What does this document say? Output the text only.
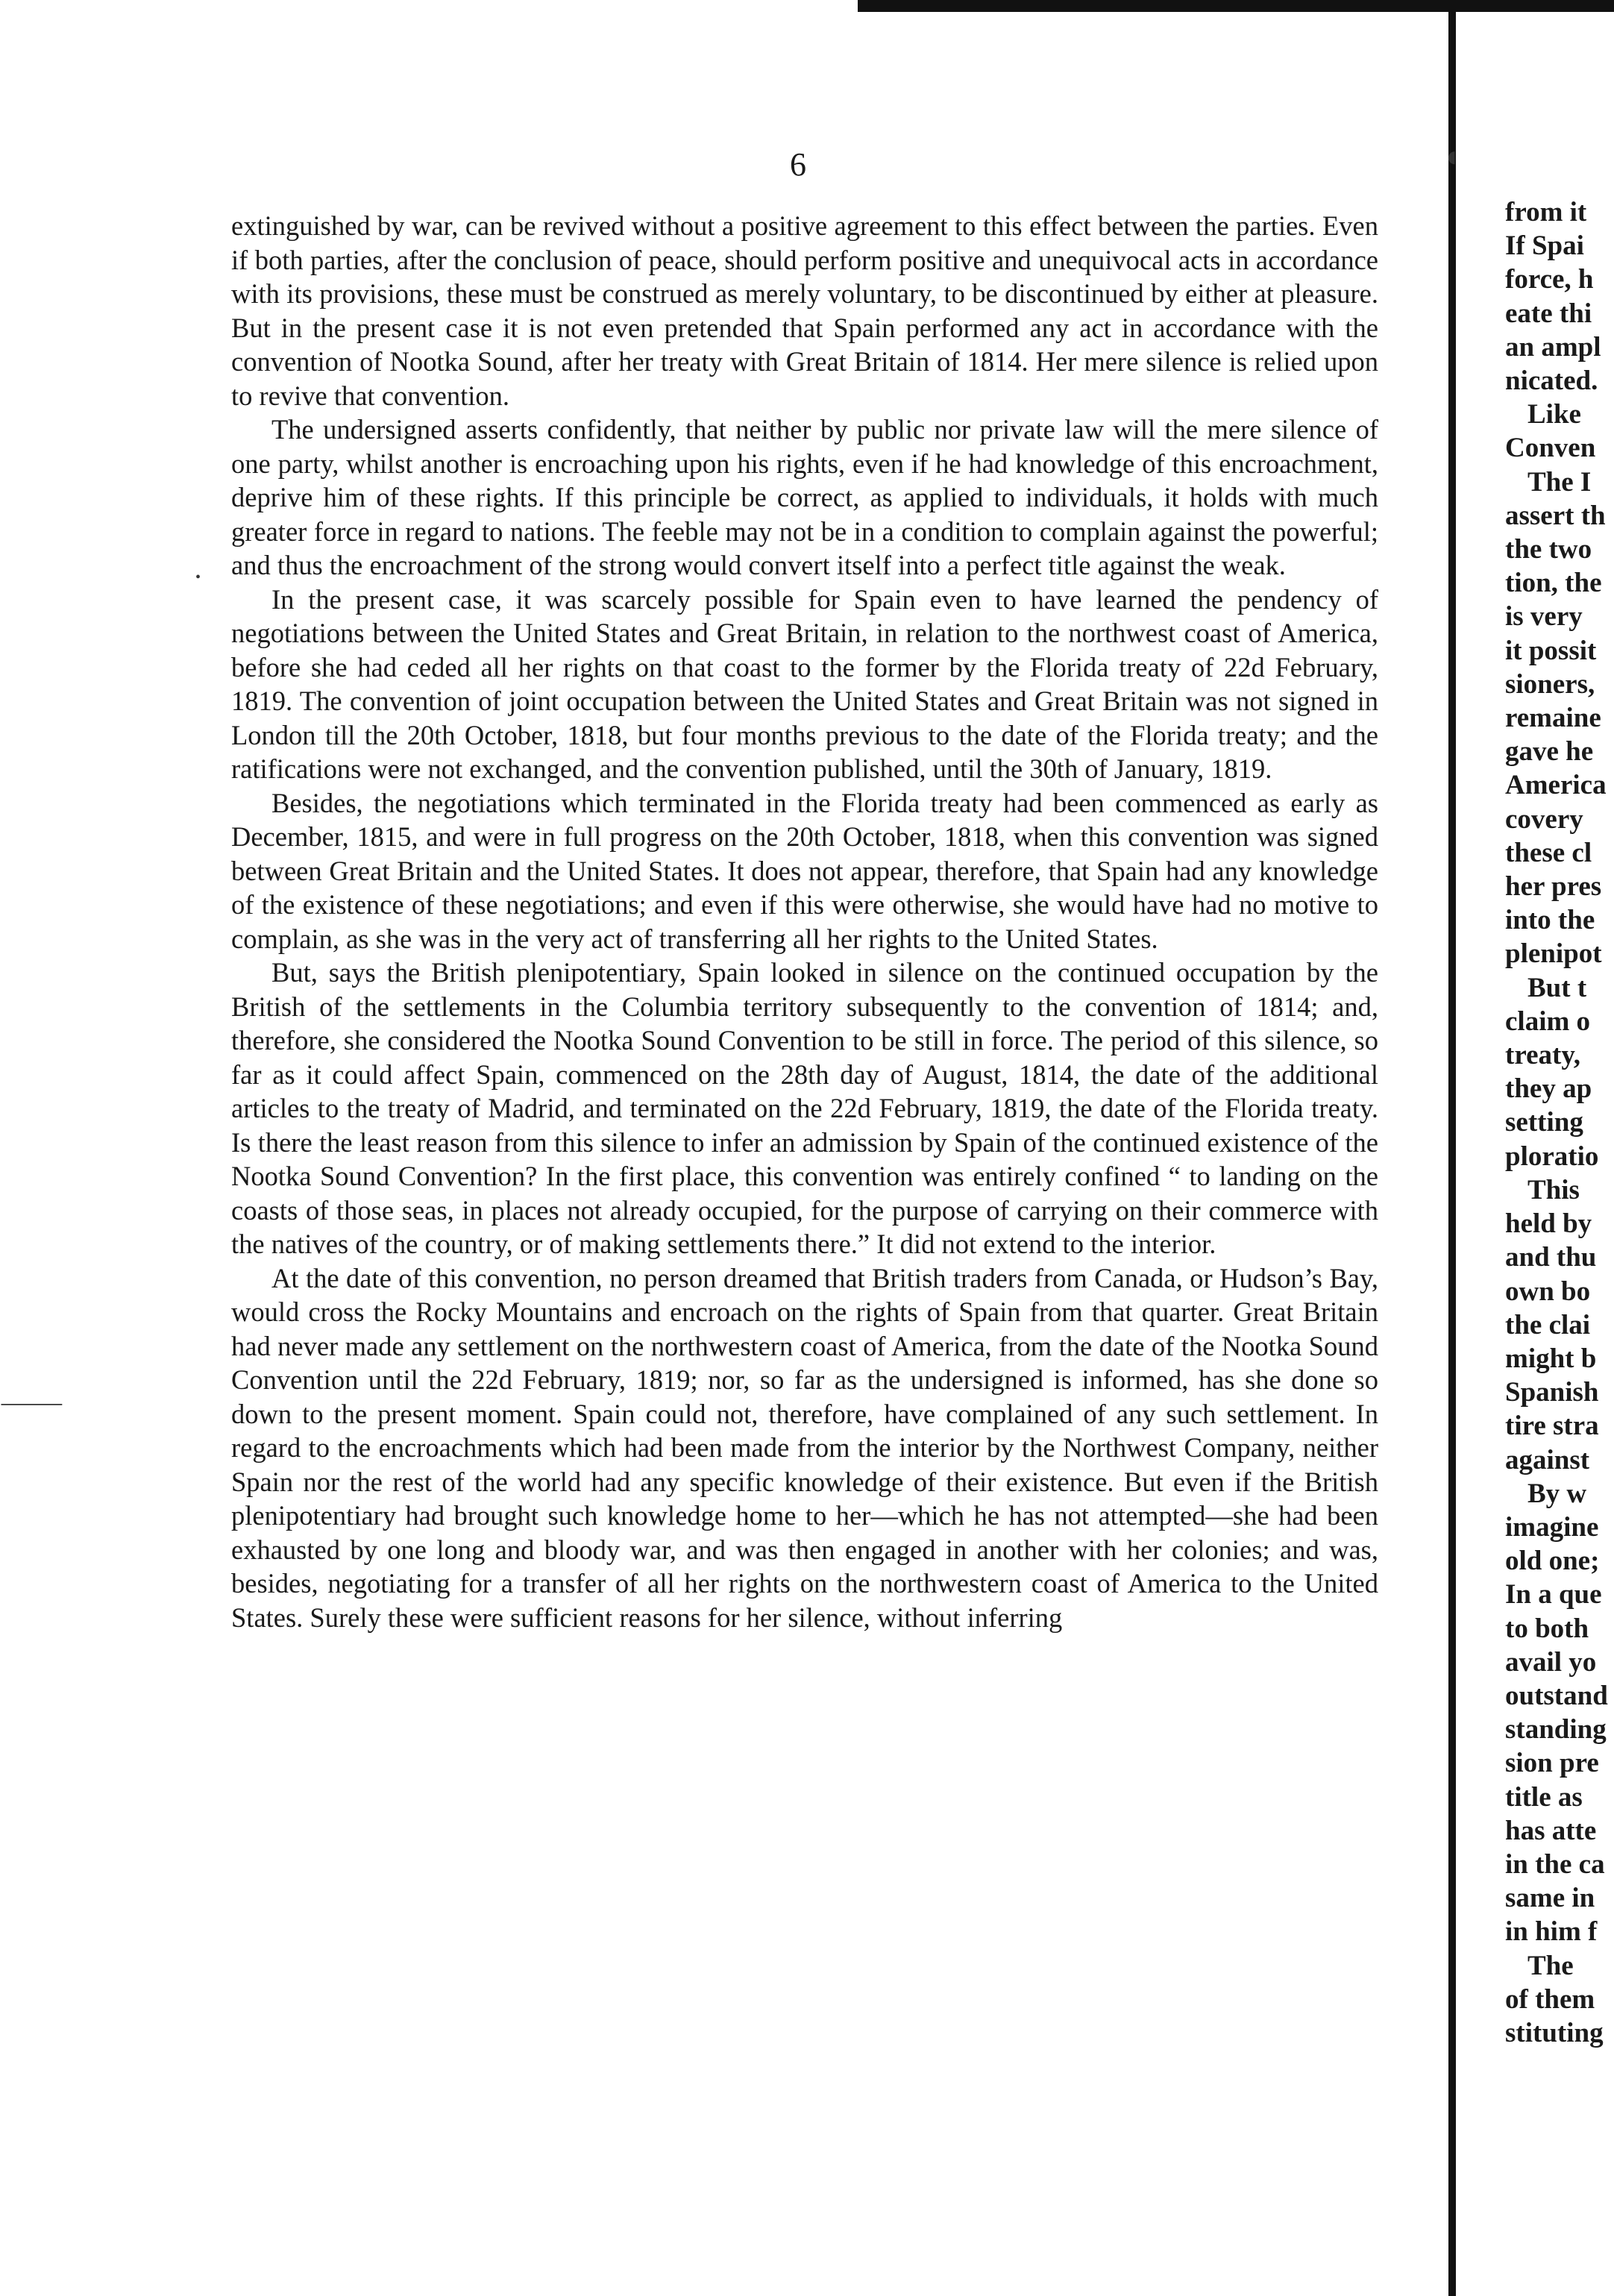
◖
•
⸻
6

extinguished by war, can be revived without a positive agreement to this effect between the parties. Even if both parties, after the conclusion of peace, should perform positive and unequivocal acts in accordance with its provisions, these must be construed as merely voluntary, to be discontinued by either at pleasure. But in the present case it is not even pretended that Spain performed any act in accordance with the convention of Nootka Sound, after her treaty with Great Britain of 1814. Her mere silence is relied upon to revive that convention.

The undersigned asserts confidently, that neither by public nor private law will the mere silence of one party, whilst another is encroaching upon his rights, even if he had knowledge of this encroachment, deprive him of these rights. If this principle be correct, as applied to individuals, it holds with much greater force in regard to nations. The feeble may not be in a condition to complain against the powerful; and thus the encroachment of the strong would convert itself into a perfect title against the weak.

In the present case, it was scarcely possible for Spain even to have learned the pendency of negotiations between the United States and Great Britain, in relation to the northwest coast of America, before she had ceded all her rights on that coast to the former by the Florida treaty of 22d February, 1819. The convention of joint occupation between the United States and Great Britain was not signed in London till the 20th October, 1818, but four months previous to the date of the Florida treaty; and the ratifications were not exchanged, and the convention published, until the 30th of January, 1819.

Besides, the negotiations which terminated in the Florida treaty had been commenced as early as December, 1815, and were in full progress on the 20th October, 1818, when this convention was signed between Great Britain and the United States. It does not appear, therefore, that Spain had any knowledge of the existence of these negotiations; and even if this were otherwise, she would have had no motive to complain, as she was in the very act of transferring all her rights to the United States.

But, says the British plenipotentiary, Spain looked in silence on the continued occupation by the British of the settlements in the Columbia territory subsequently to the convention of 1814; and, therefore, she considered the Nootka Sound Convention to be still in force. The period of this silence, so far as it could affect Spain, commenced on the 28th day of August, 1814, the date of the additional articles to the treaty of Madrid, and terminated on the 22d February, 1819, the date of the Florida treaty. Is there the least reason from this silence to infer an admission by Spain of the continued existence of the Nootka Sound Convention? In the first place, this convention was entirely confined “ to landing on the coasts of those seas, in places not already occupied, for the purpose of carrying on their commerce with the natives of the country, or of making settlements there.” It did not extend to the interior.

At the date of this convention, no person dreamed that British traders from Canada, or Hudson’s Bay, would cross the Rocky Mountains and encroach on the rights of Spain from that quarter. Great Britain had never made any settlement on the northwestern coast of America, from the date of the Nootka Sound Convention until the 22d February, 1819; nor, so far as the undersigned is informed, has she done so down to the present moment. Spain could not, therefore, have complained of any such settlement. In regard to the encroachments which had been made from the interior by the Northwest Company, neither Spain nor the rest of the world had any specific knowledge of their existence. But even if the British plenipotentiary had brought such knowledge home to her—which he has not attempted—she had been exhausted by one long and bloody war, and was then engaged in another with her colonies; and was, besides, negotiating for a transfer of all her rights on the northwestern coast of America to the United States. Surely these were sufficient reasons for her silence, without inferring

from it
If Spai
force, h
eate thi
an ampl
nicated.
Like
Conven
The I
assert th
the two
tion, the
is very
it possit
sioners,
remaine
gave he
America
covery
these cl
her pres
into the
plenipot
But t
claim o
treaty,
they ap
setting
ploratio
This
held by
and thu
own bo
the clai
might b
Spanish
tire stra
against
By w
imagine
old one;
In a que
to both
avail yo
outstand
standing
sion pre
title as
has atte
in the ca
same in
in him f
The
of them
stituting
